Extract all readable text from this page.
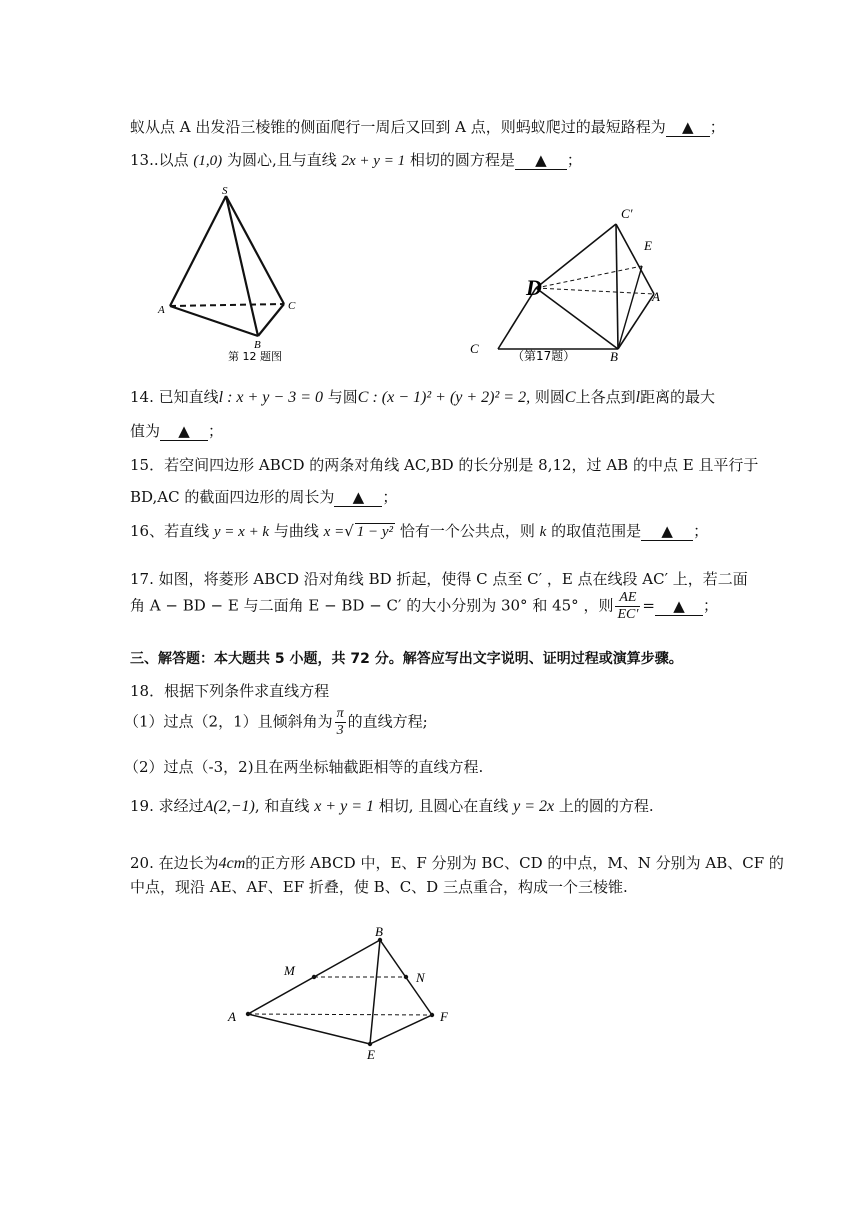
蚁从点 A 出发沿三棱锥的侧面爬行一周后又回到 A 点，则蚂蚁爬过的最短路程为 ▲ ；
13..以点 (1,0) 为圆心,且与直线 2x + y = 1 相切的圆方程是 ▲ ；
S
A	C
B
第 12 题图
C′
E
D	A
C
B
（第17题）
14. 已知直线l : x + y − 3 = 0 与圆C : (x − 1)² + (y + 2)² = 2, 则圆C上各点到l距离的最大
值为 ▲ ；
15．若空间四边形 ABCD 的两条对角线 AC,BD 的长分别是 8,12，过 AB 的中点 E 且平行于
BD,AC 的截面四边形的周长为 ▲ ；
16、若直线 y = x + k 与曲线 x =√ 1 − y² 恰有一个公共点，则 k 的取值范围是 ▲ ；
17. 如图，将菱形 ABCD 沿对角线 BD 折起，使得 C 点至 C′ ，E 点在线段 AC′ 上，若二面
角 A − BD − E 与二面角 E − BD − C′ 的大小分别为 30° 和 45° ，则 $\frac{AE}{EC'}$ = ▲ ；
三、解答题：本大题共 5 小题，共 72 分。解答应写出文字说明、证明过程或演算步骤。
18．根据下列条件求直线方程
（1）过点（2，1）且倾斜角为 $\frac{\pi}{3}$ 的直线方程;
（2）过点（-3，2)且在两坐标轴截距相等的直线方程.
19. 求经过A(2,−1), 和直线 x + y = 1 相切, 且圆心在直线 y = 2x 上的圆的方程.
20. 在边长为4cm的正方形 ABCD 中，E、F 分别为 BC、CD 的中点，M、N 分别为 AB、CF 的
中点，现沿 AE、AF、EF 折叠，使 B、C、D 三点重合，构成一个三棱锥.
B
M	N
A	F
E
